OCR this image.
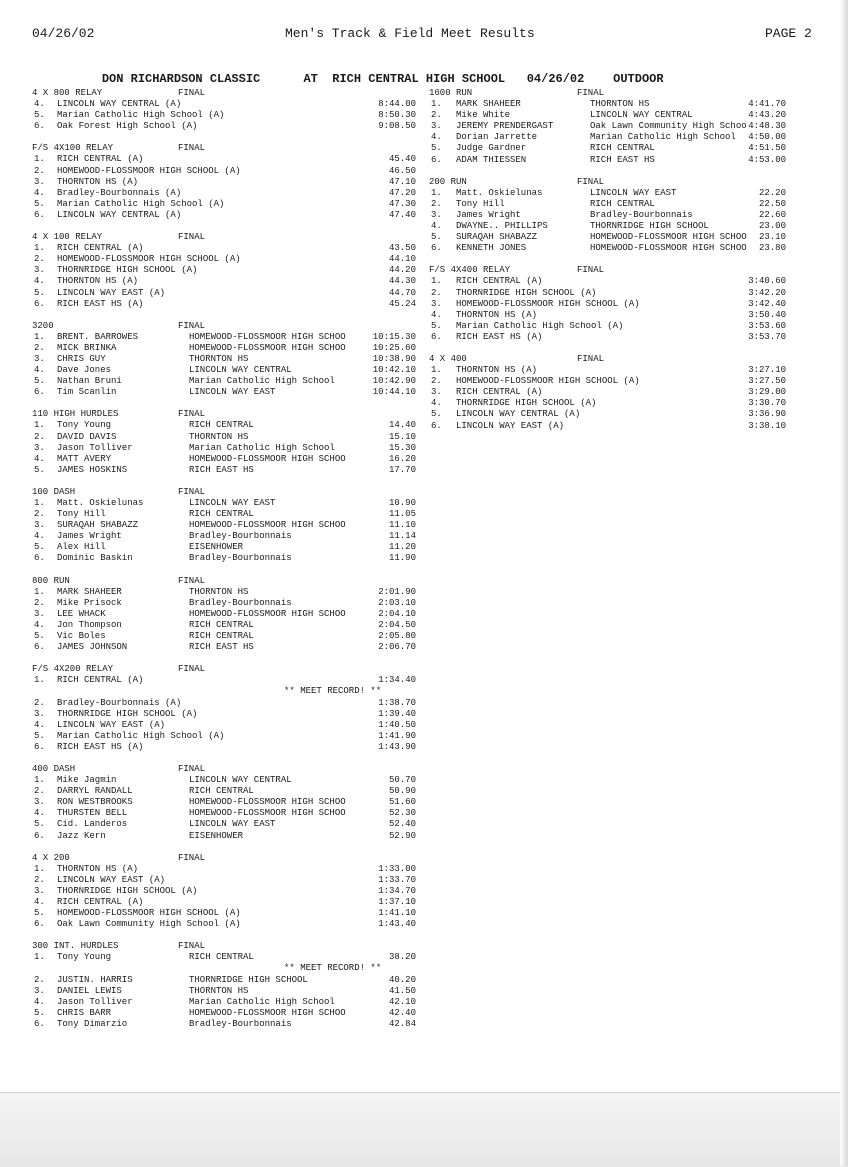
04/26/02	Men's Track & Field Meet Results	PAGE 2

DON RICHARDSON CLASSIC	AT RICH CENTRAL HIGH SCHOOL 04/26/02 OUTDOOR

4 X 800 RELAY	FINAL
4. LINCOLN WAY CENTRAL (A)	8:44.00
5. Marian Catholic High School (A)	8:50.30
6. Oak Forest High School (A)	9:08.50
F/S 4X100 RELAY	FINAL
1. RICH CENTRAL (A)	45.40
2. HOMEWOOD-FLOSSMOOR HIGH SCHOOL (A)	46.50
3. THORNTON HS (A)	47.10
4. Bradley-Bourbonnais (A)	47.20
5. Marian Catholic High School (A)	47.30
6. LINCOLN WAY CENTRAL (A)	47.40
4 X 100 RELAY	FINAL
1. RICH CENTRAL (A)	43.50
2. HOMEWOOD-FLOSSMOOR HIGH SCHOOL (A)	44.10
3. THORNRIDGE HIGH SCHOOL (A)	44.20
4. THORNTON HS (A)	44.30
5. LINCOLN WAY EAST (A)	44.70
6. RICH EAST HS (A)	45.24
3200	FINAL
1. BRENT. BARROWES	HOMEWOOD-FLOSSMOOR HIGH SCHOO	10:15.30
2. MICK BRINKA	HOMEWOOD-FLOSSMOOR HIGH SCHOO	10:25.60
3. CHRIS GUY	THORNTON HS	10:38.90
4. Dave Jones	LINCOLN WAY CENTRAL	10:42.10
5. Nathan Bruni	Marian Catholic High School	10:42.90
6. Tim Scanlin	LINCOLN WAY EAST	10:44.10
110 HIGH HURDLES	FINAL
1. Tony Young	RICH CENTRAL	14.40
2. DAVID DAVIS	THORNTON HS	15.10
3. Jason Tolliver	Marian Catholic High School	15.30
4. MATT AVERY	HOMEWOOD-FLOSSMOOR HIGH SCHOO	16.20
5. JAMES HOSKINS	RICH EAST HS	17.70
100 DASH	FINAL
1. Matt. Oskielunas	LINCOLN WAY EAST	10.90
2. Tony Hill	RICH CENTRAL	11.05
3. SURAQAH SHABAZZ	HOMEWOOD-FLOSSMOOR HIGH SCHOO	11.10
4. James Wright	Bradley-Bourbonnais	11.14
5. Alex Hill	EISENHOWER	11.20
6. Dominic Baskin	Bradley-Bourbonnais	11.90
800 RUN	FINAL
1. MARK SHAHEER	THORNTON HS	2:01.90
2. Mike Prisock	Bradley-Bourbonnais	2:03.10
3. LEE WHACK	HOMEWOOD-FLOSSMOOR HIGH SCHOO	2:04.10
4. Jon Thompson	RICH CENTRAL	2:04.50
5. Vic Boles	RICH CENTRAL	2:05.80
6. JAMES JOHNSON	RICH EAST HS	2:06.70
F/S 4X200 RELAY	FINAL
1. RICH CENTRAL (A)	1:34.40
** MEET RECORD! **
2. Bradley-Bourbonnais (A)	1:38.70
3. THORNRIDGE HIGH SCHOOL (A)	1:39.40
4. LINCOLN WAY EAST (A)	1:40.50
5. Marian Catholic High School (A)	1:41.90
6. RICH EAST HS (A)	1:43.90
400 DASH	FINAL
1. Mike Jagmin	LINCOLN WAY CENTRAL	50.70
2. DARRYL RANDALL	RICH CENTRAL	50.90
3. RON WESTBROOKS	HOMEWOOD-FLOSSMOOR HIGH SCHOO	51.60
4. THURSTEN BELL	HOMEWOOD-FLOSSMOOR HIGH SCHOO	52.30
5. Cid. Landeros	LINCOLN WAY EAST	52.40
6. Jazz Kern	EISENHOWER	52.90
4 X 200	FINAL
1. THORNTON HS (A)	1:33.00
2. LINCOLN WAY EAST (A)	1:33.70
3. THORNRIDGE HIGH SCHOOL (A)	1:34.70
4. RICH CENTRAL (A)	1:37.10
5. HOMEWOOD-FLOSSMOOR HIGH SCHOOL (A)	1:41.10
6. Oak Lawn Community High School (A)	1:43.40
300 INT. HURDLES	FINAL
1. Tony Young	RICH CENTRAL	38.20
** MEET RECORD! **
2. JUSTIN. HARRIS	THORNRIDGE HIGH SCHOOL	40.20
3. DANIEL LEWIS	THORNTON HS	41.50
4. Jason Tolliver	Marian Catholic High School	42.10
5. CHRIS BARR	HOMEWOOD-FLOSSMOOR HIGH SCHOO	42.40
6. Tony Dimarzio	Bradley-Bourbonnais	42.84
1600 RUN	FINAL
1. MARK SHAHEER	THORNTON HS	4:41.70
2. Mike White	LINCOLN WAY CENTRAL	4:43.20
3. JEREMY PRENDERGAST	Oak Lawn Community High Schoo 4:48.30
4. Dorian Jarrette	Marian Catholic High School 4:50.00
5. Judge Gardner	RICH CENTRAL	4:51.50
6. ADAM THIESSEN	RICH EAST HS	4:53.00
200 RUN	FINAL
1. Matt. Oskielunas	LINCOLN WAY EAST	22.20
2. Tony Hill	RICH CENTRAL	22.50
3. James Wright	Bradley-Bourbonnais	22.60
4. DWAYNE.. PHILLIPS	THORNRIDGE HIGH SCHOOL	23.00
5. SURAQAH SHABAZZ	HOMEWOOD-FLOSSMOOR HIGH SCHOO 23.10
6. KENNETH JONES	HOMEWOOD-FLOSSMOOR HIGH SCHOO 23.80
F/S 4X400 RELAY	FINAL
1. RICH CENTRAL (A)	3:40.60
2. THORNRIDGE HIGH SCHOOL (A)	3:42.20
3. HOMEWOOD-FLOSSMOOR HIGH SCHOOL (A)	3:42.40
4. THORNTON HS (A)	3:50.40
5. Marian Catholic High School (A)	3:53.60
6. RICH EAST HS (A)	3:53.70
4 X 400	FINAL
1. THORNTON HS (A)	3:27.10
2. HOMEWOOD-FLOSSMOOR HIGH SCHOOL (A)	3:27.50
3. RICH CENTRAL (A)	3:29.00
4. THORNRIDGE HIGH SCHOOL (A)	3:30.70
5. LINCOLN WAY CENTRAL (A)	3:36.90
6. LINCOLN WAY EAST (A)	3:38.10
